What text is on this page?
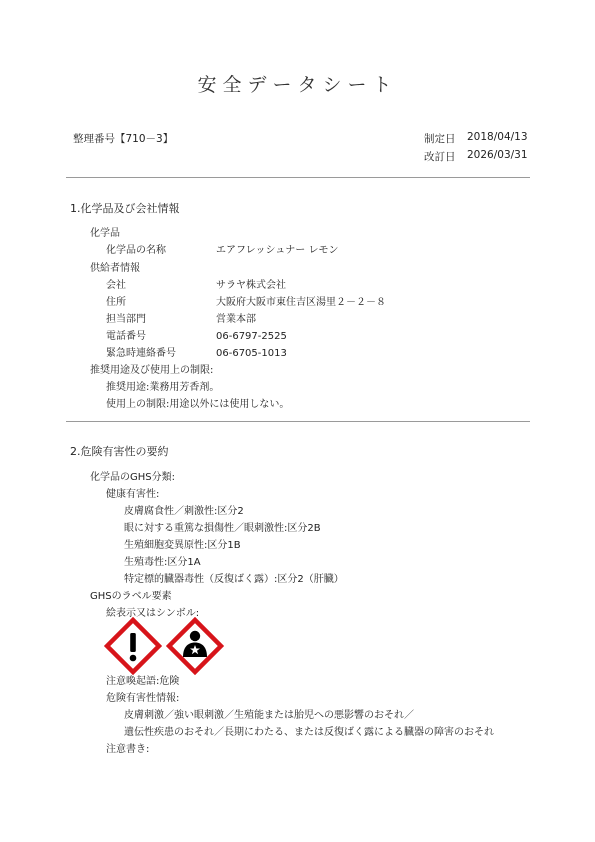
安全データシート
整理番号【710－3】	制定日 2018/04/13
改訂日 2026/03/31
1.化学品及び会社情報
化学品
化学品の名称	エアフレッシュナー レモン
供給者情報
会社	サラヤ株式会社
住所	大阪府大阪市東住吉区湯里２－２－８
担当部門	営業本部
電話番号	06-6797-2525
緊急時連絡番号	06-6705-1013
推奨用途及び使用上の制限:
推奨用途:業務用芳香剤。
使用上の制限:用途以外には使用しない。
2.危険有害性の要約
化学品のGHS分類:
健康有害性:
皮膚腐食性／刺激性:区分2
眼に対する重篤な損傷性／眼刺激性:区分2B
生殖細胞変異原性:区分1B
生殖毒性:区分1A
特定標的臓器毒性（反復ばく露）:区分2（肝臓）
GHSのラベル要素
絵表示又はシンボル:
注意喚起語:危険
危険有害性情報:
皮膚刺激／強い眼刺激／生殖能または胎児への悪影響のおそれ／
遺伝性疾患のおそれ／長期にわたる、または反復ばく露による臓器の障害のおそれ
注意書き:
